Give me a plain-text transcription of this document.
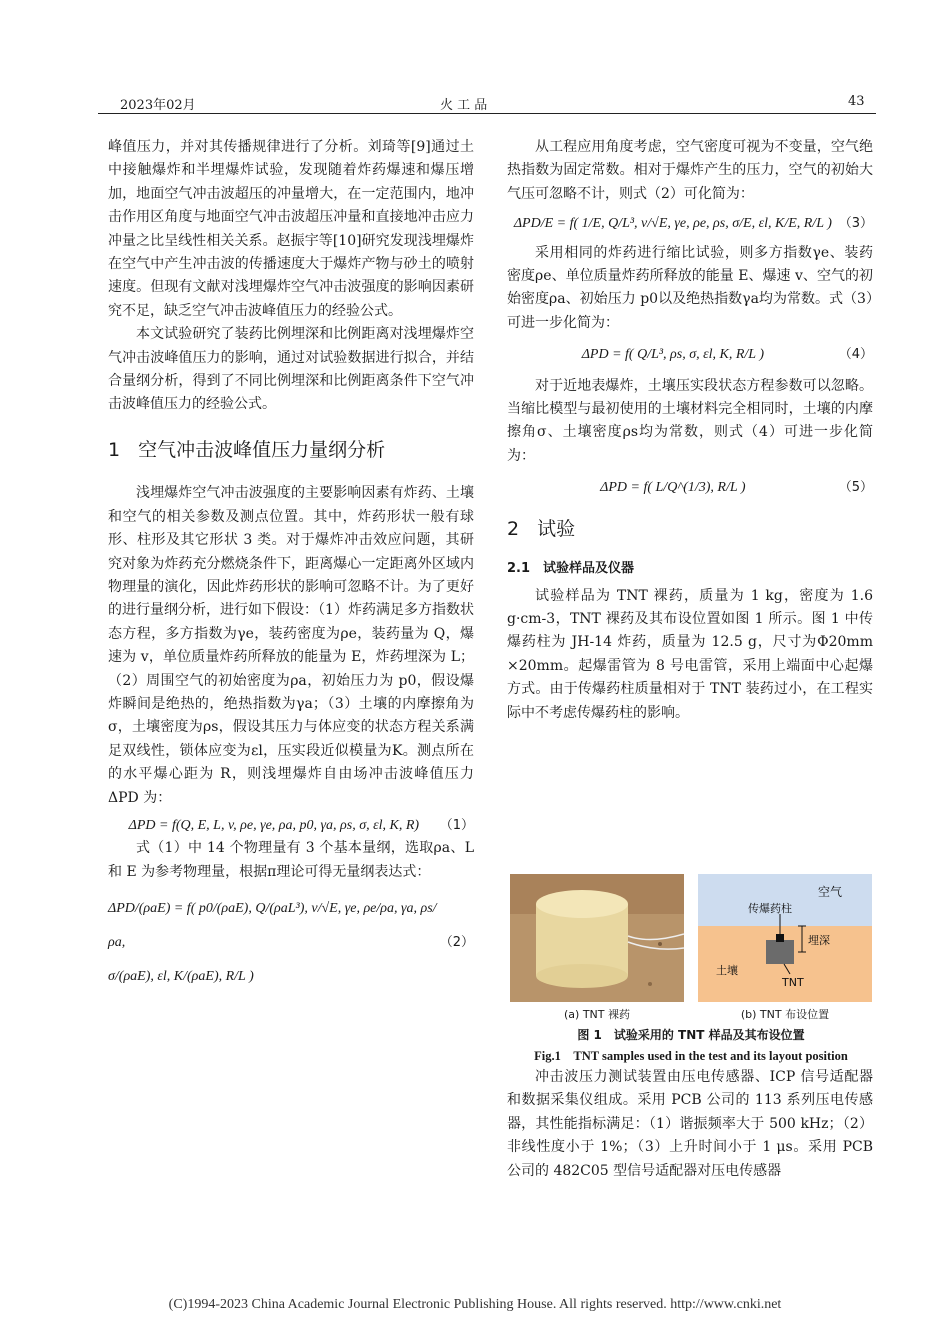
2023年02月	火 工 品	43

峰值压力，并对其传播规律进行了分析。刘琦等[9]通过土中接触爆炸和半埋爆炸试验，发现随着炸药爆速和爆压增加，地面空气冲击波超压的冲量增大，在一定范围内，地冲击作用区角度与地面空气冲击波超压冲量和直接地冲击应力冲量之比呈线性相关关系。赵振宇等[10]研究发现浅埋爆炸在空气中产生冲击波的传播速度大于爆炸产物与砂土的喷射速度。但现有文献对浅埋爆炸空气冲击波强度的影响因素研究不足，缺乏空气冲击波峰值压力的经验公式。

本文试验研究了装药比例埋深和比例距离对浅埋爆炸空气冲击波峰值压力的影响，通过对试验数据进行拟合，并结合量纲分析，得到了不同比例埋深和比例距离条件下空气冲击波峰值压力的经验公式。

1 空气冲击波峰值压力量纲分析

浅埋爆炸空气冲击波强度的主要影响因素有炸药、土壤和空气的相关参数及测点位置。其中，炸药形状一般有球形、柱形及其它形状 3 类。对于爆炸冲击效应问题，其研究对象为炸药充分燃烧条件下，距离爆心一定距离外区域内物理量的演化，因此炸药形状的影响可忽略不计。为了更好的进行量纲分析，进行如下假设：（1）炸药满足多方指数状态方程，多方指数为γe，装药密度为ρe，装药量为 Q，爆速为 v，单位质量炸药所释放的能量为 E，炸药埋深为 L；（2）周围空气的初始密度为ρa，初始压力为 p0，假设爆炸瞬间是绝热的，绝热指数为γa；（3）土壤的内摩擦角为σ，土壤密度为ρs，假设其压力与体应变的状态方程关系满足双线性，锁体应变为εl，压实段近似模量为K。测点所在的水平爆心距为 R，则浅埋爆炸自由场冲击波峰值压力 ΔPD 为：

ΔPD = f(Q, E, L, v, ρe, γe, ρa, p0, γa, ρs, σ, εl, K, R)	（1）

式（1）中 14 个物理量有 3 个基本量纲，选取ρa、L 和 E 为参考物理量，根据π理论可得无量纲表达式：

ΔPD/(ρaE) = f( p0/(ρaE), Q/(ρaL³), v/√E, γe, ρe/ρa, γa, ρs/ρa,
σ/(ρaE), εl, K/(ρaE), R/L )
（2）

从工程应用角度考虑，空气密度可视为不变量，空气绝热指数为固定常数。相对于爆炸产生的压力，空气的初始大气压可忽略不计，则式（2）可化简为：

ΔPD/E = f( 1/E, Q/L³, v/√E, γe, ρe, ρs, σ/E, εl, K/E, R/L ) （3）

采用相同的炸药进行缩比试验，则多方指数γe、装药密度ρe、单位质量炸药所释放的能量 E、爆速 v、空气的初始密度ρa、初始压力 p0以及绝热指数γa均为常数。式（3）可进一步化简为：

ΔPD = f( Q/L³, ρs, σ, εl, K, R/L )	（4）

对于近地表爆炸，土壤压实段状态方程参数可以忽略。当缩比模型与最初使用的土壤材料完全相同时，土壤的内摩擦角σ、土壤密度ρs均为常数，则式（4）可进一步化简为：

ΔPD = f( L/Q^(1/3), R/L )	（5）
2 试验
2.1　试验样品及仪器

试验样品为 TNT 裸药，质量为 1 kg，密度为 1.6 g·cm-3，TNT 裸药及其布设位置如图 1 所示。图 1 中传爆药柱为 JH-14 炸药，质量为 12.5 g，尺寸为Φ20mm ×20mm。起爆雷管为 8 号电雷管，采用上端面中心起爆方式。由于传爆药柱质量相对于 TNT 装药过小，在工程实际中不考虑传爆药柱的影响。

空气
传爆药柱
埋深
土壤
TNT
(a) TNT 裸药	(b) TNT 布设位置
图 1　试验采用的 TNT 样品及其布设位置
Fig.1　TNT samples used in the test and its layout position

冲击波压力测试装置由压电传感器、ICP 信号适配器和数据采集仪组成。采用 PCB 公司的 113 系列压电传感器，其性能指标满足：（1）谐振频率大于 500 kHz；（2）非线性度小于 1%；（3）上升时间小于 1 μs。采用 PCB 公司的 482C05 型信号适配器对压电传感器

(C)1994-2023 China Academic Journal Electronic Publishing House. All rights reserved. http://www.cnki.net
